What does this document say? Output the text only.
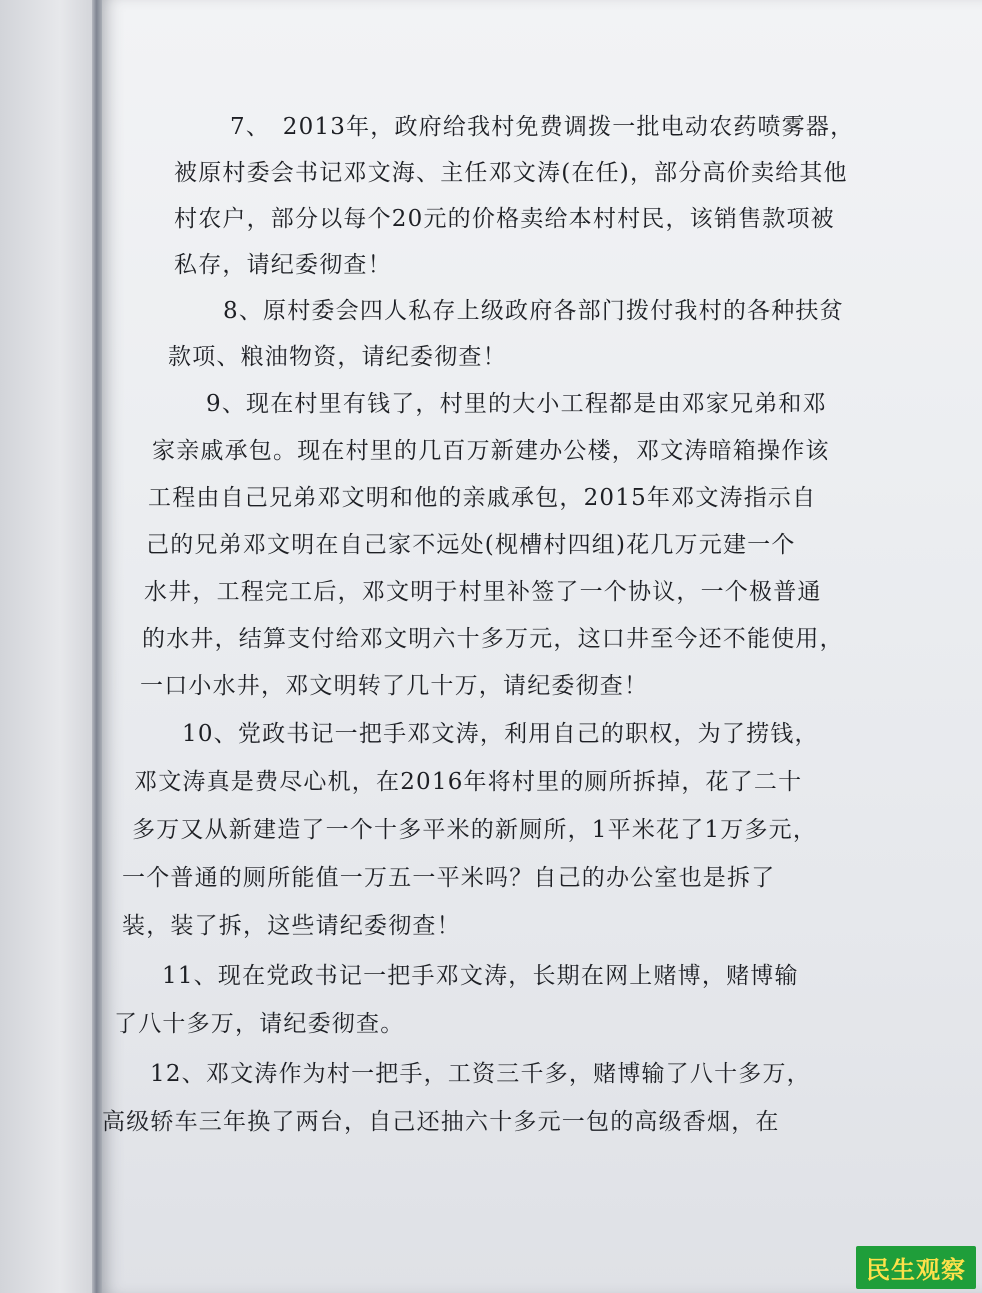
7、　2013年，政府给我村免费调拨一批电动农药喷雾器，

被原村委会书记邓文海、主任邓文涛(在任)，部分高价卖给其他

村农户，部分以每个20元的价格卖给本村村民，该销售款项被

私存，请纪委彻查！

8、原村委会四人私存上级政府各部门拨付我村的各种扶贫

款项、粮油物资，请纪委彻查！

9、现在村里有钱了，村里的大小工程都是由邓家兄弟和邓

家亲戚承包。现在村里的几百万新建办公楼，邓文涛暗箱操作该

工程由自己兄弟邓文明和他的亲戚承包，2015年邓文涛指示自

己的兄弟邓文明在自己家不远处(枧槽村四组)花几万元建一个

水井，工程完工后，邓文明于村里补签了一个协议，一个极普通

的水井，结算支付给邓文明六十多万元，这口井至今还不能使用，

一口小水井，邓文明转了几十万，请纪委彻查！

10、党政书记一把手邓文涛，利用自己的职权，为了捞钱，

邓文涛真是费尽心机，在2016年将村里的厕所拆掉，花了二十

多万又从新建造了一个十多平米的新厕所，1平米花了1万多元，

一个普通的厕所能值一万五一平米吗？自己的办公室也是拆了

装，装了拆，这些请纪委彻查！

11、现在党政书记一把手邓文涛，长期在网上赌博，赌博输

了八十多万，请纪委彻查。

12、邓文涛作为村一把手，工资三千多，赌博输了八十多万，

高级轿车三年换了两台，自己还抽六十多元一包的高级香烟，在

民生观察
